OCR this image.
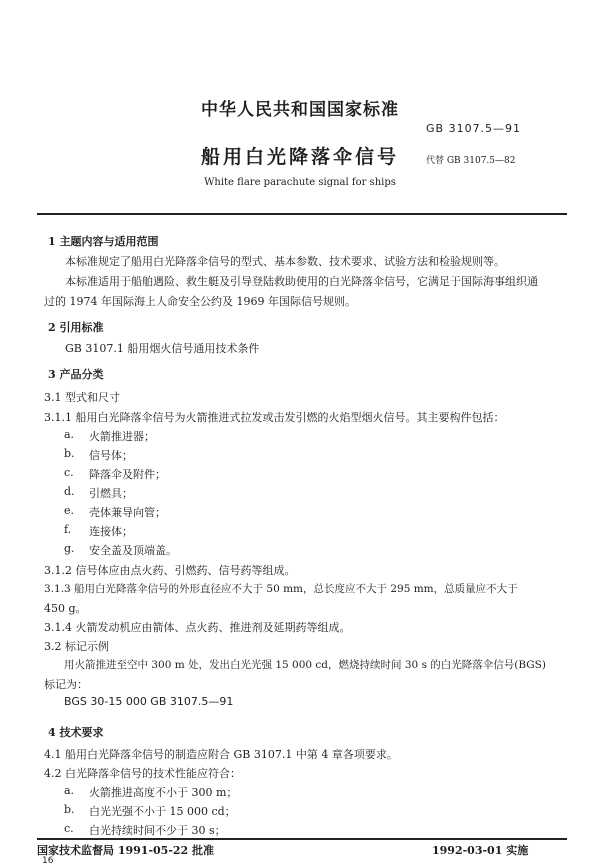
中华人民共和国国家标准
GB 3107.5—91
船用白光降落伞信号	代替 GB 3107.5—82
White flare parachute signal for ships
1 主题内容与适用范围
本标准规定了船用白光降落伞信号的型式、基本参数、技术要求、试验方法和检验规则等。
本标准适用于船舶遇险、救生艇及引导登陆救助使用的白光降落伞信号，它满足于国际海事组织通
过的 1974 年国际海上人命安全公约及 1969 年国际信号规则。
2 引用标准
GB 3107.1 船用烟火信号通用技术条件
3 产品分类
3.1 型式和尺寸
3.1.1 船用白光降落伞信号为火箭推进式拉发或击发引燃的火焰型烟火信号。其主要构件包括：
a. 火箭推进器；
b. 信号体；
c. 降落伞及附件；
d. 引燃具；
e. 壳体兼导向管；
f. 连接体；
g. 安全盖及顶端盖。
3.1.2 信号体应由点火药、引燃药、信号药等组成。
3.1.3 船用白光降落伞信号的外形直径应不大于 50 mm，总长度应不大于 295 mm，总质量应不大于
450 g。
3.1.4 火箭发动机应由箭体、点火药、推进剂及延期药等组成。
3.2 标记示例
用火箭推进至空中 300 m 处，发出白光光强 15 000 cd，燃烧持续时间 30 s 的白光降落伞信号(BGS)
标记为：
BGS 30-15 000 GB 3107.5—91
4 技术要求
4.1 船用白光降落伞信号的制造应附合 GB 3107.1 中第 4 章各项要求。
4.2 白光降落伞信号的技术性能应符合：
a. 火箭推进高度不小于 300 m；
b. 白光光强不小于 15 000 cd；
c. 白光持续时间不少于 30 s；
国家技术监督局 1991-05-22 批准	1992-03-01 实施
16
